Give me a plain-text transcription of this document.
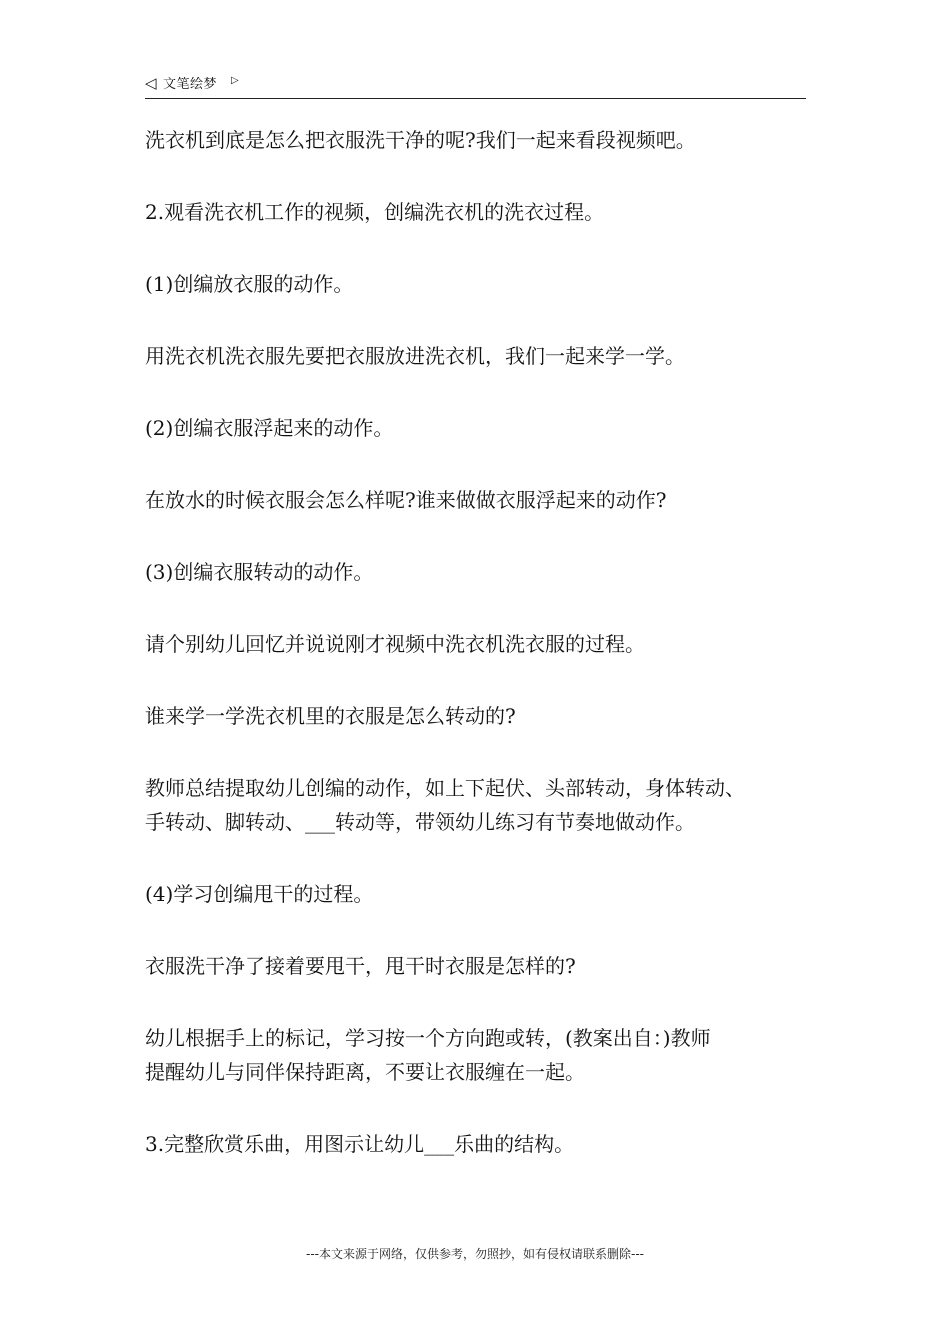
◁ 文笔绘梦 ▷

洗衣机到底是怎么把衣服洗干净的呢?我们一起来看段视频吧。

2.观看洗衣机工作的视频，创编洗衣机的洗衣过程。

(1)创编放衣服的动作。

用洗衣机洗衣服先要把衣服放进洗衣机，我们一起来学一学。

(2)创编衣服浮起来的动作。

在放水的时候衣服会怎么样呢?谁来做做衣服浮起来的动作?

(3)创编衣服转动的动作。

请个别幼儿回忆并说说刚才视频中洗衣机洗衣服的过程。

谁来学一学洗衣机里的衣服是怎么转动的?

教师总结提取幼儿创编的动作，如上下起伏、头部转动，身体转动、
手转动、脚转动、___转动等，带领幼儿练习有节奏地做动作。

(4)学习创编甩干的过程。

衣服洗干净了接着要甩干，甩干时衣服是怎样的?

幼儿根据手上的标记，学习按一个方向跑或转，(教案出自：)教师
提醒幼儿与同伴保持距离，不要让衣服缠在一起。

3.完整欣赏乐曲，用图示让幼儿___乐曲的结构。

---本文来源于网络，仅供参考，勿照抄，如有侵权请联系删除---
